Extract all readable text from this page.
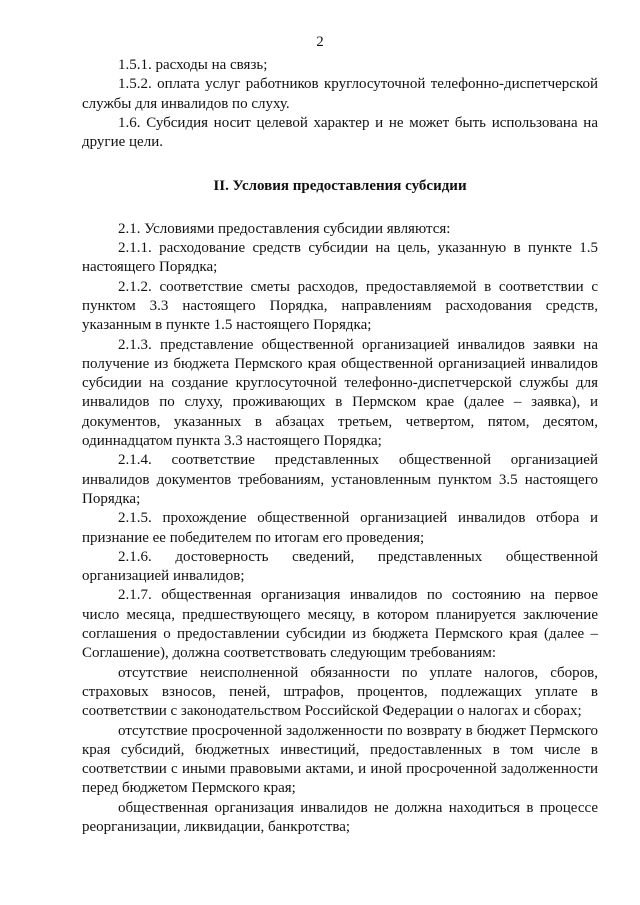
2

1.5.1. расходы на связь;

1.5.2. оплата услуг работников круглосуточной телефонно-диспетчерской службы для инвалидов по слуху.

1.6. Субсидия носит целевой характер и не может быть использована на другие цели.

II. Условия предоставления субсидии

2.1. Условиями предоставления субсидии являются:

2.1.1. расходование средств субсидии на цель, указанную в пункте 1.5 настоящего Порядка;

2.1.2. соответствие сметы расходов, предоставляемой в соответствии с пунктом 3.3 настоящего Порядка, направлениям расходования средств, указанным в пункте 1.5 настоящего Порядка;

2.1.3. представление общественной организацией инвалидов заявки на получение из бюджета Пермского края общественной организацией инвалидов субсидии на создание круглосуточной телефонно-диспетчерской службы для инвалидов по слуху, проживающих в Пермском крае (далее – заявка), и документов, указанных в абзацах третьем, четвертом, пятом, десятом, одиннадцатом пункта 3.3 настоящего Порядка;

2.1.4. соответствие представленных общественной организацией инвалидов документов требованиям, установленным пунктом 3.5 настоящего Порядка;

2.1.5. прохождение общественной организацией инвалидов отбора и признание ее победителем по итогам его проведения;

2.1.6. достоверность сведений, представленных общественной организацией инвалидов;

2.1.7. общественная организация инвалидов по состоянию на первое число месяца, предшествующего месяцу, в котором планируется заключение соглашения о предоставлении субсидии из бюджета Пермского края (далее – Соглашение), должна соответствовать следующим требованиям:

отсутствие неисполненной обязанности по уплате налогов, сборов, страховых взносов, пеней, штрафов, процентов, подлежащих уплате в соответствии с законодательством Российской Федерации о налогах и сборах;

отсутствие просроченной задолженности по возврату в бюджет Пермского края субсидий, бюджетных инвестиций, предоставленных в том числе в соответствии с иными правовыми актами, и иной просроченной задолженности перед бюджетом Пермского края;

общественная организация инвалидов не должна находиться в процессе реорганизации, ликвидации, банкротства;
